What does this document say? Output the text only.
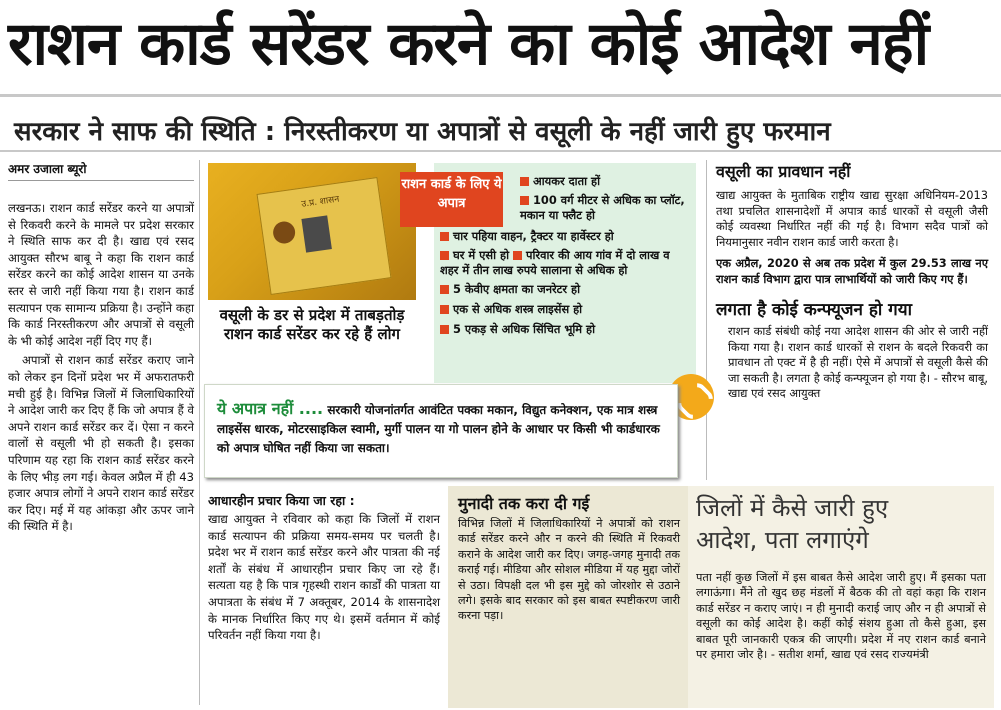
राशन कार्ड सरेंडर करने का कोई आदेश नहीं
सरकार ने साफ की स्थिति : निरस्तीकरण या अपात्रों से वसूली के नहीं जारी हुए फरमान
अमर उजाला ब्यूरो

लखनऊ। राशन कार्ड सरेंडर करने या अपात्रों से रिकवरी करने के मामले पर प्रदेश सरकार ने स्थिति साफ कर दी है। खाद्य एवं रसद आयुक्त सौरभ बाबू ने कहा कि राशन कार्ड सरेंडर करने का कोई आदेश शासन या उनके स्तर से जारी नहीं किया गया है। राशन कार्ड सत्यापन एक सामान्य प्रक्रिया है। उन्होंने कहा कि कार्ड निरस्तीकरण और अपात्रों से वसूली के भी कोई आदेश नहीं दिए गए हैं।

अपात्रों से राशन कार्ड सरेंडर कराए जाने को लेकर इन दिनों प्रदेश भर में अफरातफरी मची हुई है। विभिन्न जिलों में जिलाधिकारियों ने आदेश जारी कर दिए हैं कि जो अपात्र हैं वे अपने राशन कार्ड सरेंडर कर दें। ऐसा न करने वालों से वसूली भी हो सकती है। इसका परिणाम यह रहा कि राशन कार्ड सरेंडर करने के लिए भीड़ लग गई। केवल अप्रैल में ही 43 हजार अपात्र लोगों ने अपने राशन कार्ड सरेंडर कर दिए। मई में यह आंकड़ा और ऊपर जाने की स्थिति में है।

उ.प्र. शासन
वसूली के डर से प्रदेश में ताबड़तोड़ राशन कार्ड सरेंडर कर रहे हैं लोग
राशन कार्ड के लिए ये अपात्र
आयकर दाता हों
100 वर्ग मीटर से अधिक का प्लॉट, मकान या फ्लैट हो
चार पहिया वाहन, ट्रैक्टर या हार्वेस्टर हो
घर में एसी हो परिवार की आय गांव में दो लाख व शहर में तीन लाख रुपये सालाना से अधिक हो
5 केवीए क्षमता का जनरेटर हो
एक से अधिक शस्त्र लाइसेंस हो
5 एकड़ से अधिक सिंचित भूमि हो
वसूली का प्रावधान नहीं
खाद्य आयुक्त के मुताबिक राष्ट्रीय खाद्य सुरक्षा अधिनियम-2013 तथा प्रचलित शासनादेशों में अपात्र कार्ड धारकों से वसूली जैसी कोई व्यवस्था निर्धारित नहीं की गई है। विभाग सदैव पात्रों को नियमानुसार नवीन राशन कार्ड जारी करता है।
एक अप्रैल, 2020 से अब तक प्रदेश में कुल 29.53 लाख नए राशन कार्ड विभाग द्वारा पात्र लाभार्थियों को जारी किए गए हैं।
लगता है कोई कन्फ्यूजन हो गया
राशन कार्ड संबंधी कोई नया आदेश शासन की ओर से जारी नहीं किया गया है। राशन कार्ड धारकों से राशन के बदले रिकवरी का प्रावधान तो एक्ट में है ही नहीं। ऐसे में अपात्रों से वसूली कैसे की जा सकती है। लगता है कोई कन्फ्यूजन हो गया है। - सौरभ बाबू, खाद्य एवं रसद आयुक्त
ये अपात्र नहीं .... सरकारी योजनांतर्गत आवंटित पक्का मकान, विद्युत कनेक्शन, एक मात्र शस्त्र लाइसेंस धारक, मोटरसाइकिल स्वामी, मुर्गी पालन या गो पालन होने के आधार पर किसी भी कार्डधारक को अपात्र घोषित नहीं किया जा सकता।
आधारहीन प्रचार किया जा रहा :
खाद्य आयुक्त ने रविवार को कहा कि जिलों में राशन कार्ड सत्यापन की प्रक्रिया समय-समय पर चलती है। प्रदेश भर में राशन कार्ड सरेंडर करने और पात्रता की नई शर्तों के संबंध में आधारहीन प्रचार किए जा रहे हैं। सत्यता यह है कि पात्र गृहस्थी राशन कार्डों की पात्रता या अपात्रता के संबंध में 7 अक्तूबर, 2014 के शासनादेश के मानक निर्धारित किए गए थे। इसमें वर्तमान में कोई परिवर्तन नहीं किया गया है।
मुनादी तक करा दी गई
विभिन्न जिलों में जिलाधिकारियों ने अपात्रों को राशन कार्ड सरेंडर करने और न करने की स्थिति में रिकवरी कराने के आदेश जारी कर दिए। जगह-जगह मुनादी तक कराई गई। मीडिया और सोशल मीडिया में यह मुद्दा जोरों से उठा। विपक्षी दल भी इस मुद्दे को जोरशोर से उठाने लगे। इसके बाद सरकार को इस बाबत स्पष्टीकरण जारी करना पड़ा।
जिलों में कैसे जारी हुए आदेश, पता लगाएंगे
पता नहीं कुछ जिलों में इस बाबत कैसे आदेश जारी हुए। मैं इसका पता लगाऊंगा। मैंने तो खुद छह मंडलों में बैठक की तो वहां कहा कि राशन कार्ड सरेंडर न कराए जाएं। न ही मुनादी कराई जाए और न ही अपात्रों से वसूली का कोई आदेश है। कहीं कोई संशय हुआ तो कैसे हुआ, इस बाबत पूरी जानकारी एकत्र की जाएगी। प्रदेश में नए राशन कार्ड बनाने पर हमारा जोर है। - सतीश शर्मा, खाद्य एवं रसद राज्यमंत्री
